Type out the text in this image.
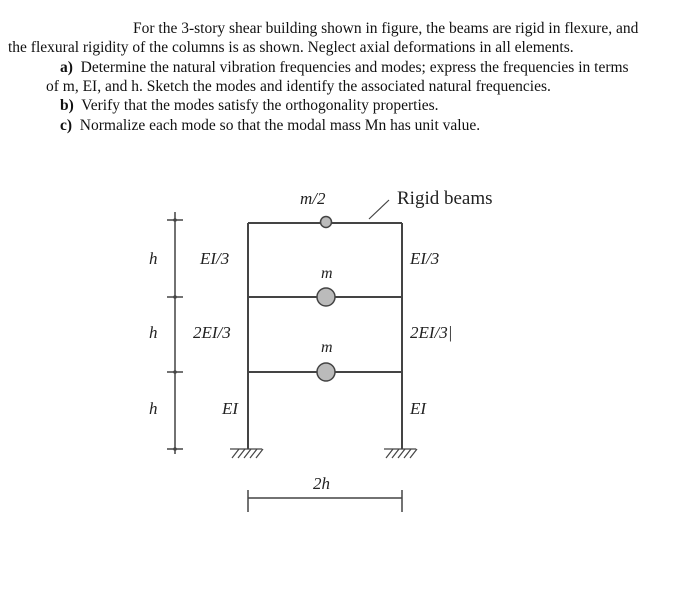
For the 3-story shear building shown in figure, the beams are rigid in flexure, and
the flexural rigidity of the columns is as shown. Neglect axial deformations in all elements.
a) Determine the natural vibration frequencies and modes; express the frequencies in terms
of m, EI, and h. Sketch the modes and identify the associated natural frequencies.
b) Verify that the modes satisfy the orthogonality properties.
c) Normalize each mode so that the modal mass Mn has unit value.
m/2	Rigid beams
m
m
h
h
h
EI/3
2EI/3
EI
EI/3
2EI/3|
EI
2h
